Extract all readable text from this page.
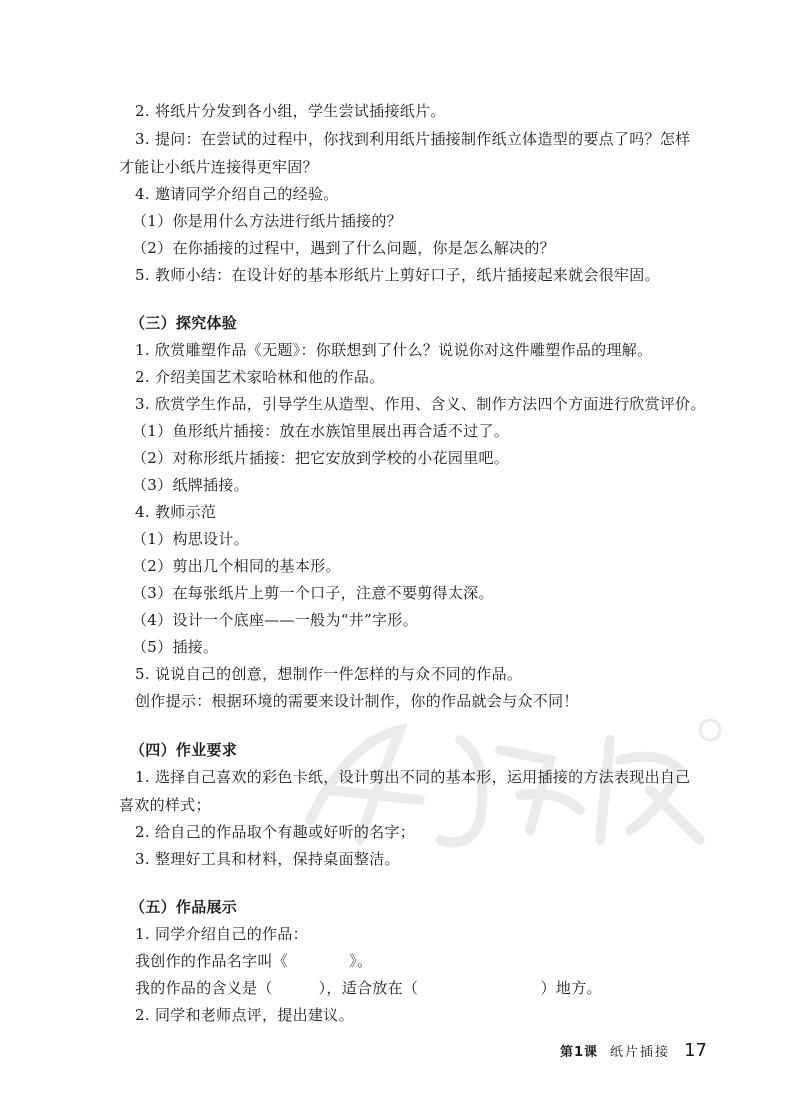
2. 将纸片分发到各小组，学生尝试插接纸片。
3. 提问：在尝试的过程中，你找到利用纸片插接制作纸立体造型的要点了吗？怎样
才能让小纸片连接得更牢固？
4. 邀请同学介绍自己的经验。
（1）你是用什么方法进行纸片插接的？
（2）在你插接的过程中，遇到了什么问题，你是怎么解决的？
5. 教师小结：在设计好的基本形纸片上剪好口子，纸片插接起来就会很牢固。
（三）探究体验
1. 欣赏雕塑作品《无题》：你联想到了什么？说说你对这件雕塑作品的理解。
2. 介绍美国艺术家哈林和他的作品。
3. 欣赏学生作品，引导学生从造型、作用、含义、制作方法四个方面进行欣赏评价。
（1）鱼形纸片插接：放在水族馆里展出再合适不过了。
（2）对称形纸片插接：把它安放到学校的小花园里吧。
（3）纸牌插接。
4. 教师示范
（1）构思设计。
（2）剪出几个相同的基本形。
（3）在每张纸片上剪一个口子，注意不要剪得太深。
（4）设计一个底座——一般为“井”字形。
（5）插接。
5. 说说自己的创意，想制作一件怎样的与众不同的作品。
创作提示：根据环境的需要来设计制作，你的作品就会与众不同！
（四）作业要求
1. 选择自己喜欢的彩色卡纸，设计剪出不同的基本形，运用插接的方法表现出自己
喜欢的样式；
2. 给自己的作品取个有趣或好听的名字；
3. 整理好工具和材料，保持桌面整洁。
（五）作品展示
1. 同学介绍自己的作品：
我创作的作品名字叫《　　　　》。
我的作品的含义是（　　　），适合放在（　　　　　　　　）地方。
2. 同学和老师点评，提出建议。
第1课 纸片插接 17
